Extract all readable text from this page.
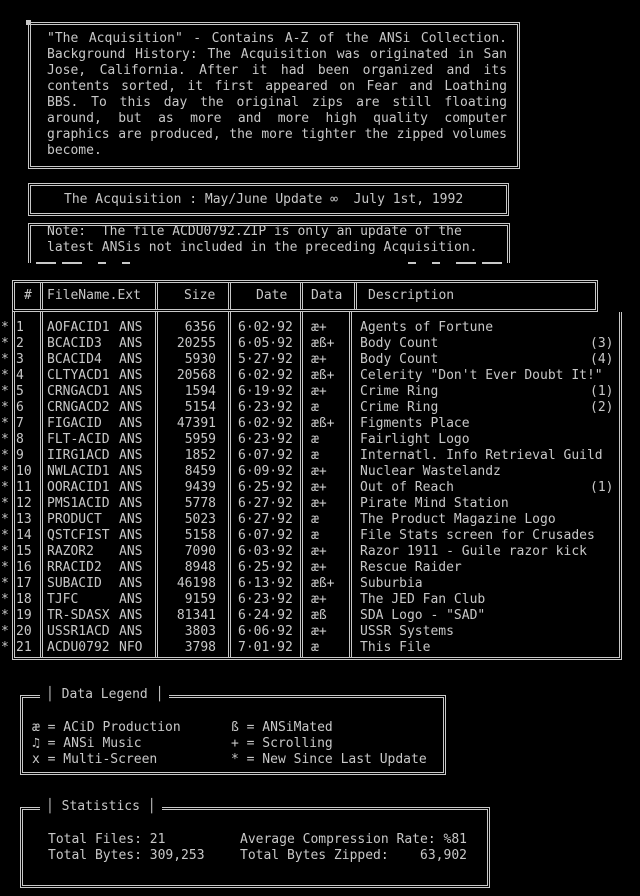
"The Acquisition" - Contains A-Z of the ANSi Collection. Background History: The Acquisition was originated in San Jose, California. After it had been organized and its contents sorted, it first appeared on Fear and Loathing BBS. To this day the original zips are still floating around, but as more and more high quality computer graphics are produced, the more tighter the zipped volumes become.
The Acquisition : May/June Update ∞  July 1st, 1992
Note:  The file ACDU0792.ZIP is only an update of the
latest ANSis not included in the preceding Acquisition.
# FileName.Ext	Size	Date Data Description
* 1 AOFACID1 ANS	6356 6·02·92 æ+	Agents of Fortune
* 2 BCACID3 ANS	20255 6·05·92 æß+ Body Count	(3)
* 3 BCACID4 ANS	5930 5·27·92 æ+	Body Count	(4)
* 4 CLTYACD1 ANS	20568 6·02·92 æß+ Celerity "Don't Ever Doubt It!"
* 5 CRNGACD1 ANS	1594 6·19·92 æ+	Crime Ring	(1)
* 6 CRNGACD2 ANS	5154 6·23·92 æ	Crime Ring	(2)
* 7 FIGACID ANS	47391 6·02·92 æß+ Figments Place
* 8 FLT-ACID ANS	5959 6·23·92 æ	Fairlight Logo
* 9 IIRG1ACD ANS	1852 6·07·92 æ	Internatl. Info Retrieval Guild
* 10 NWLACID1 ANS	8459 6·09·92 æ+	Nuclear Wastelandz
* 11 OORACID1 ANS	9439 6·25·92 æ+	Out of Reach	(1)
* 12 PMS1ACID ANS	5778 6·27·92 æ+	Pirate Mind Station
* 13 PRODUCT ANS	5023 6·27·92 æ	The Product Magazine Logo
* 14 QSTCFIST ANS	5158 6·07·92 æ	File Stats screen for Crusades
* 15 RAZOR2 ANS	7090 6·03·92 æ+	Razor 1911 - Guile razor kick
* 16 RRACID2 ANS	8948 6·25·92 æ+	Rescue Raider
* 17 SUBACID ANS	46198 6·13·92 æß+ Suburbia
* 18 TJFC	ANS	9159 6·23·92 æ+	The JED Fan Club
* 19 TR-SDASX ANS	81341 6·24·92 æß	SDA Logo - "SAD"
* 20 USSR1ACD ANS	3803 6·06·92 æ+	USSR Systems
* 21 ACDU0792 NFO	3798 7·01·92 æ	This File
│ Data Legend │
æ = ACiD Production	ß = ANSiMated
♫ = ANSi Music	+ = Scrolling
x = Multi-Screen	* = New Since Last Update
│ Statistics │
Total Files: 21
Total Bytes: 309,253
Average Compression Rate: %81
Total Bytes Zipped:    63,902
